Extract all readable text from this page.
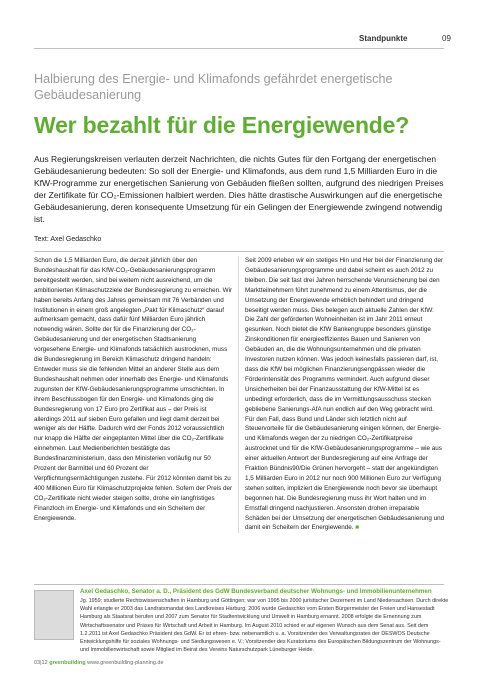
Standpunkte	09
Halbierung des Energie- und Klimafonds gefährdet energetische Gebäudesanierung
Wer bezahlt für die Energiewende?

Aus Regierungskreisen verlauten derzeit Nachrichten, die nichts Gutes für den Fortgang der energetischen Gebäudesanierung bedeuten: So soll der Energie- und Klimafonds, aus dem rund 1,5 Milliarden Euro in die KfW-Programme zur energetischen Sanierung von Gebäuden fließen sollten, aufgrund des niedrigen Preises der Zertifikate für CO₂-Emissionen halbiert werden. Dies hätte drastische Auswirkungen auf die energetische Gebäudesanierung, deren konsequente Umsetzung für ein Gelingen der Energiewende zwingend notwendig ist.

Text: Axel Gedaschko

Schon die 1,5 Milliarden Euro, die derzeit jährlich über den Bundeshaushalt für das KfW-CO₂-Gebäudesanierungsprogramm bereitgestellt werden, sind bei weitem nicht ausreichend, um die ambitionierten Klimaschutzziele der Bundesregierung zu erreichen. Wir haben bereits Anfang des Jahres gemeinsam mit 76 Verbänden und Institutionen in einem groß angelegten „Pakt für Klimaschutz“ darauf aufmerksam gemacht, dass dafür fünf Milliarden Euro jährlich notwendig wären. Sollte der für die Finanzierung der CO₂-Gebäudesanierung und der energetischen Stadtsanierung vorgesehene Energie- und Klimafonds tatsächlich austrocknen, muss die Bundesregierung im Bereich Klimaschutz dringend handeln: Entweder muss sie die fehlenden Mittel an anderer Stelle aus dem Bundeshaushalt nehmen oder innerhalb des Energie- und Klimafonds zugunsten der KfW-Gebäudesanierungsprogramme umschichten. In ihrem Beschlussbogen für den Energie- und Klimafonds ging die Bundesregierung von 17 Euro pro Zertifikat aus – der Preis ist allerdings 2011 auf sieben Euro gefallen und liegt damit derzeit bei weniger als der Hälfte. Dadurch wird der Fonds 2012 voraussichtlich nur knapp die Hälfte der eingeplanten Mittel über die CO₂-Zertifikate einnehmen. Laut Medienberichten bestätigte das Bundesfinanzministerium, dass den Ministerien vorläufig nur 50 Prozent der Barmittel und 60 Prozent der Verpflichtungsermächtigungen zustehe. Für 2012 könnten damit bis zu 400 Millionen Euro für Klimaschutzprojekte fehlen. Sofern der Preis der CO₂-Zertifikate nicht wieder steigen sollte, drohe ein langfristiges Finanzloch im Energie- und Klimafonds und ein Scheitern der Energiewende.

Seit 2009 erleben wir ein stetiges Hin und Her bei der Finanzierung der Gebäudesanierungsprogramme und dabei scheint es auch 2012 zu bleiben. Die seit fast drei Jahren herrschende Verunsicherung bei den Marktteilnehmern führt zunehmend zu einem Attentismus, der die Umsetzung der Energiewende erheblich behindert und dringend beseitigt werden muss. Dies belegen auch aktuelle Zahlen der KfW: Die Zahl der geförderten Wohneinheiten ist im Jahr 2011 erneut gesunken. Noch bietet die KfW Bankengruppe besonders günstige Zinskonditionen für energieeffizientes Bauen und Sanieren von Gebäuden an, die die Wohnungsunternehmen und die privaten Investoren nutzen können. Was jedoch keinesfalls passieren darf, ist, dass die KfW bei möglichen Finanzierungsengpässen wieder die Förderintensität des Programms vermindert. Auch aufgrund dieser Unsicherheiten bei der Finanzausstattung der KfW-Mittel ist es unbedingt erforderlich, dass die im Vermittlungsausschuss stecken gebliebene Sanierungs-AfA nun endlich auf den Weg gebracht wird. Für den Fall, dass Bund und Länder sich letztlich nicht auf Steuervorteile für die Gebäudesanierung einigen können, der Energie- und Klimafonds wegen der zu niedrigen CO₂-Zertifikatpreise austrocknet und für die KfW-Gebäudesanierungsprogramme – wie aus einer aktuellen Antwort der Bundesregierung auf eine Anfrage der Fraktion Bündnis90/Die Grünen hervorgeht – statt der angekündigten 1,5 Milliarden Euro in 2012 nur noch 900 Millionen Euro zur Verfügung stehen sollten, impliziert die Energiewende noch bevor sie überhaupt begonnen hat. Die Bundesregierung muss ihr Wort halten und im Ernstfall dringend nachjustieren. Ansonsten drohen irreparable Schäden bei der Umsetzung der energetischen Gebäudesanierung und damit ein Scheitern der Energiewende. ■

Axel Gedaschko, Senator a. D., Präsident des GdW Bundesverband deutscher Wohnungs- und Immobilienunternehmen
Jg. 1959; studierte Rechtswissenschaften in Hamburg und Göttingen; war von 1995 bis 2000 juristischer Dezernent im Land Niedersachsen. Durch direkte Wahl erlangte er 2003 das Landratsmandat des Landkreises Harburg. 2006 wurde Gedaschko vom Ersten Bürgermeister der Freien und Hansestadt Hamburg als Staatsrat berufen und 2007 zum Senator für Stadtentwicklung und Umwelt in Hamburg ernannt. 2008 erfolgte die Ernennung zum Wirtschaftssenator und Präses für Wirtschaft und Arbeit in Hamburg. Im August 2010 schied er auf eigenen Wunsch aus dem Senat aus. Seit dem 1.2.2011 ist Axel Gedaschko Präsident des GdW. Er ist ehren- bzw. nebenamtlich u. a. Vorsitzender des Verwaltungsrates der DESWOS Deutsche Entwicklungshilfe für soziales Wohnungs- und Siedlungswesen e. V.; Vorsitzender des Kuratoriums des Europäischen Bildungszentrum der Wohnungs- und Immobilienwirtschaft sowie Mitglied im Beirat des Vereins Naturschutzpark Lüneburger Heide.
03|12 greenbuilding www.greenbuilding-planning.de
